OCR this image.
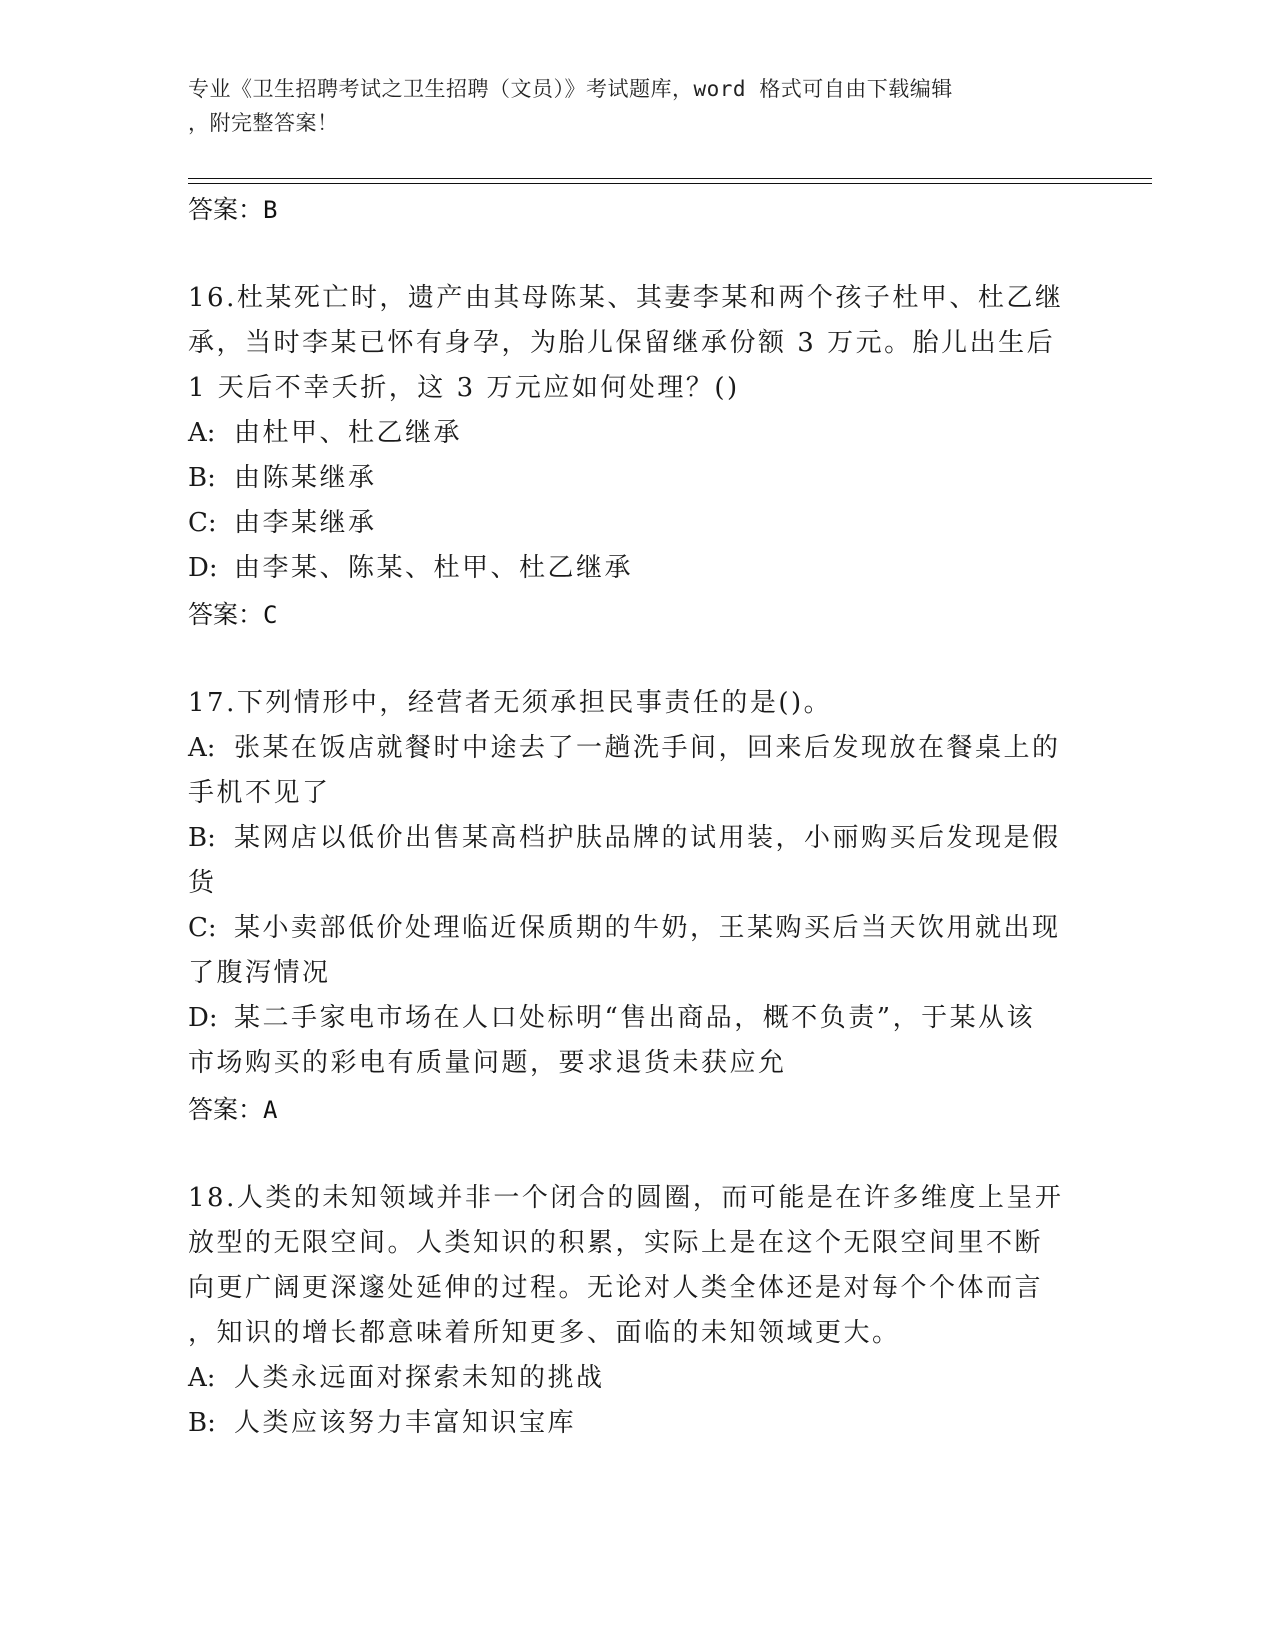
专业《卫生招聘考试之卫生招聘（文员）》考试题库，word 格式可自由下载编辑
，附完整答案！

答案：B

16.杜某死亡时，遗产由其母陈某、其妻李某和两个孩子杜甲、杜乙继

承，当时李某已怀有身孕，为胎儿保留继承份额 3 万元。胎儿出生后

1 天后不幸夭折，这 3 万元应如何处理？()

A: 由杜甲、杜乙继承

B: 由陈某继承

C: 由李某继承

D: 由李某、陈某、杜甲、杜乙继承

答案：C

17.下列情形中，经营者无须承担民事责任的是()。

A: 张某在饭店就餐时中途去了一趟洗手间，回来后发现放在餐桌上的

手机不见了

B: 某网店以低价出售某高档护肤品牌的试用装，小丽购买后发现是假

货

C: 某小卖部低价处理临近保质期的牛奶，王某购买后当天饮用就出现

了腹泻情况

D: 某二手家电市场在人口处标明“售出商品，概不负责”，于某从该

市场购买的彩电有质量问题，要求退货未获应允

答案：A

18.人类的未知领域并非一个闭合的圆圈，而可能是在许多维度上呈开

放型的无限空间。人类知识的积累，实际上是在这个无限空间里不断

向更广阔更深邃处延伸的过程。无论对人类全体还是对每个个体而言

，知识的增长都意味着所知更多、面临的未知领域更大。

A: 人类永远面对探索未知的挑战

B: 人类应该努力丰富知识宝库
